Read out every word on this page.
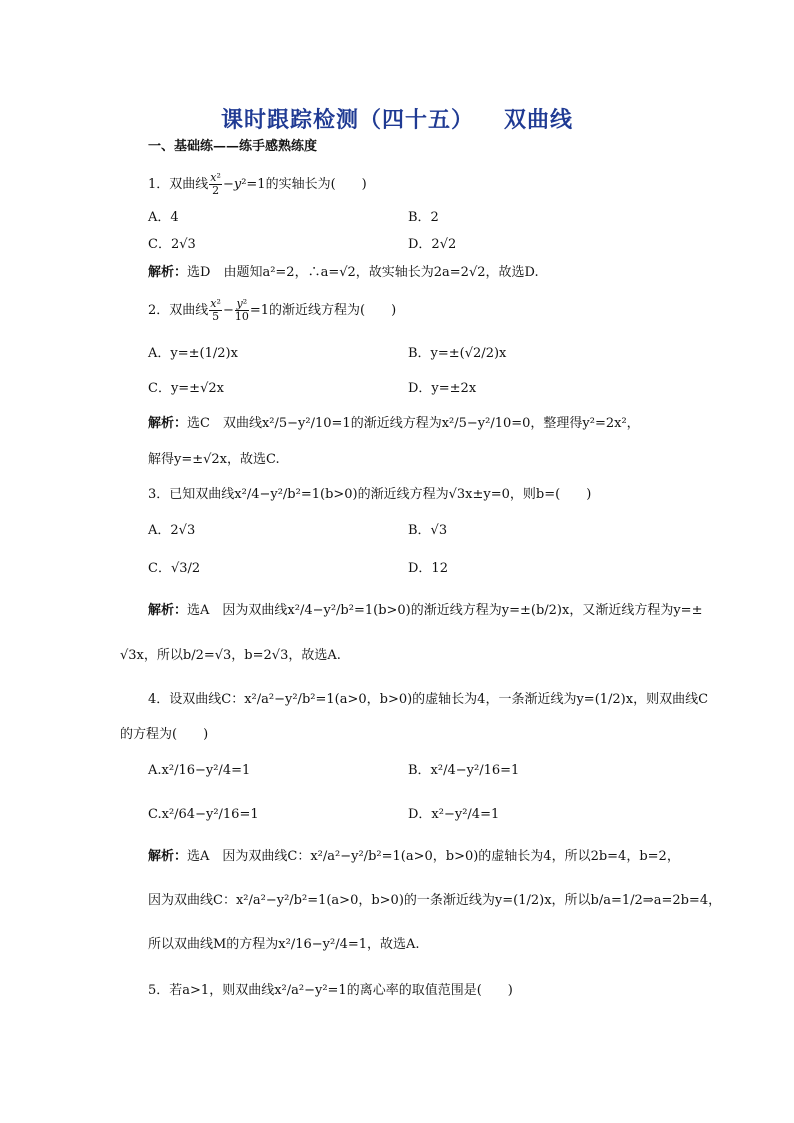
课时跟踪检测（四十五） 双曲线
一、基础练——练手感熟练度
1．双曲线 $\frac{\text{x²}}{2} -y^2=1$的实轴长为(　　)
A．4	B．2
C．2√3	D．2√2
解析：选D　由题知a²=2，∴a=√2，故实轴长为2a=2√2，故选D.
2．双曲线 $\frac{\text{x²}}{5} - \frac{\text{y²}}{10} =1$的渐近线方程为(　　)
A．y=±(1/2)x	B．y=±(√2/2)x
C．y=±√2x	D．y=±2x
解析：选C　双曲线x²/5−y²/10=1的渐近线方程为x²/5−y²/10=0，整理得y²=2x²，
解得y=±√2x，故选C.
3．已知双曲线x²/4−y²/b²=1(b>0)的渐近线方程为√3x±y=0，则b=(　　)
A．2√3	B．√3
C．√3/2	D．12
解析：选A　因为双曲线x²/4−y²/b²=1(b>0)的渐近线方程为y=±(b/2)x，又渐近线方程为y=±
√3x，所以b/2=√3，b=2√3，故选A.
4．设双曲线C：x²/a²−y²/b²=1(a>0，b>0)的虚轴长为4，一条渐近线为y=(1/2)x，则双曲线C
的方程为(　　)
A.x²/16−y²/4=1	B．x²/4−y²/16=1
C.x²/64−y²/16=1	D．x²−y²/4=1
解析：选A　因为双曲线C：x²/a²−y²/b²=1(a>0，b>0)的虚轴长为4，所以2b=4，b=2，
因为双曲线C：x²/a²−y²/b²=1(a>0，b>0)的一条渐近线为y=(1/2)x，所以b/a=1/2⇒a=2b=4，
所以双曲线M的方程为x²/16−y²/4=1，故选A.
5．若a>1，则双曲线x²/a²−y²=1的离心率的取值范围是(　　)
